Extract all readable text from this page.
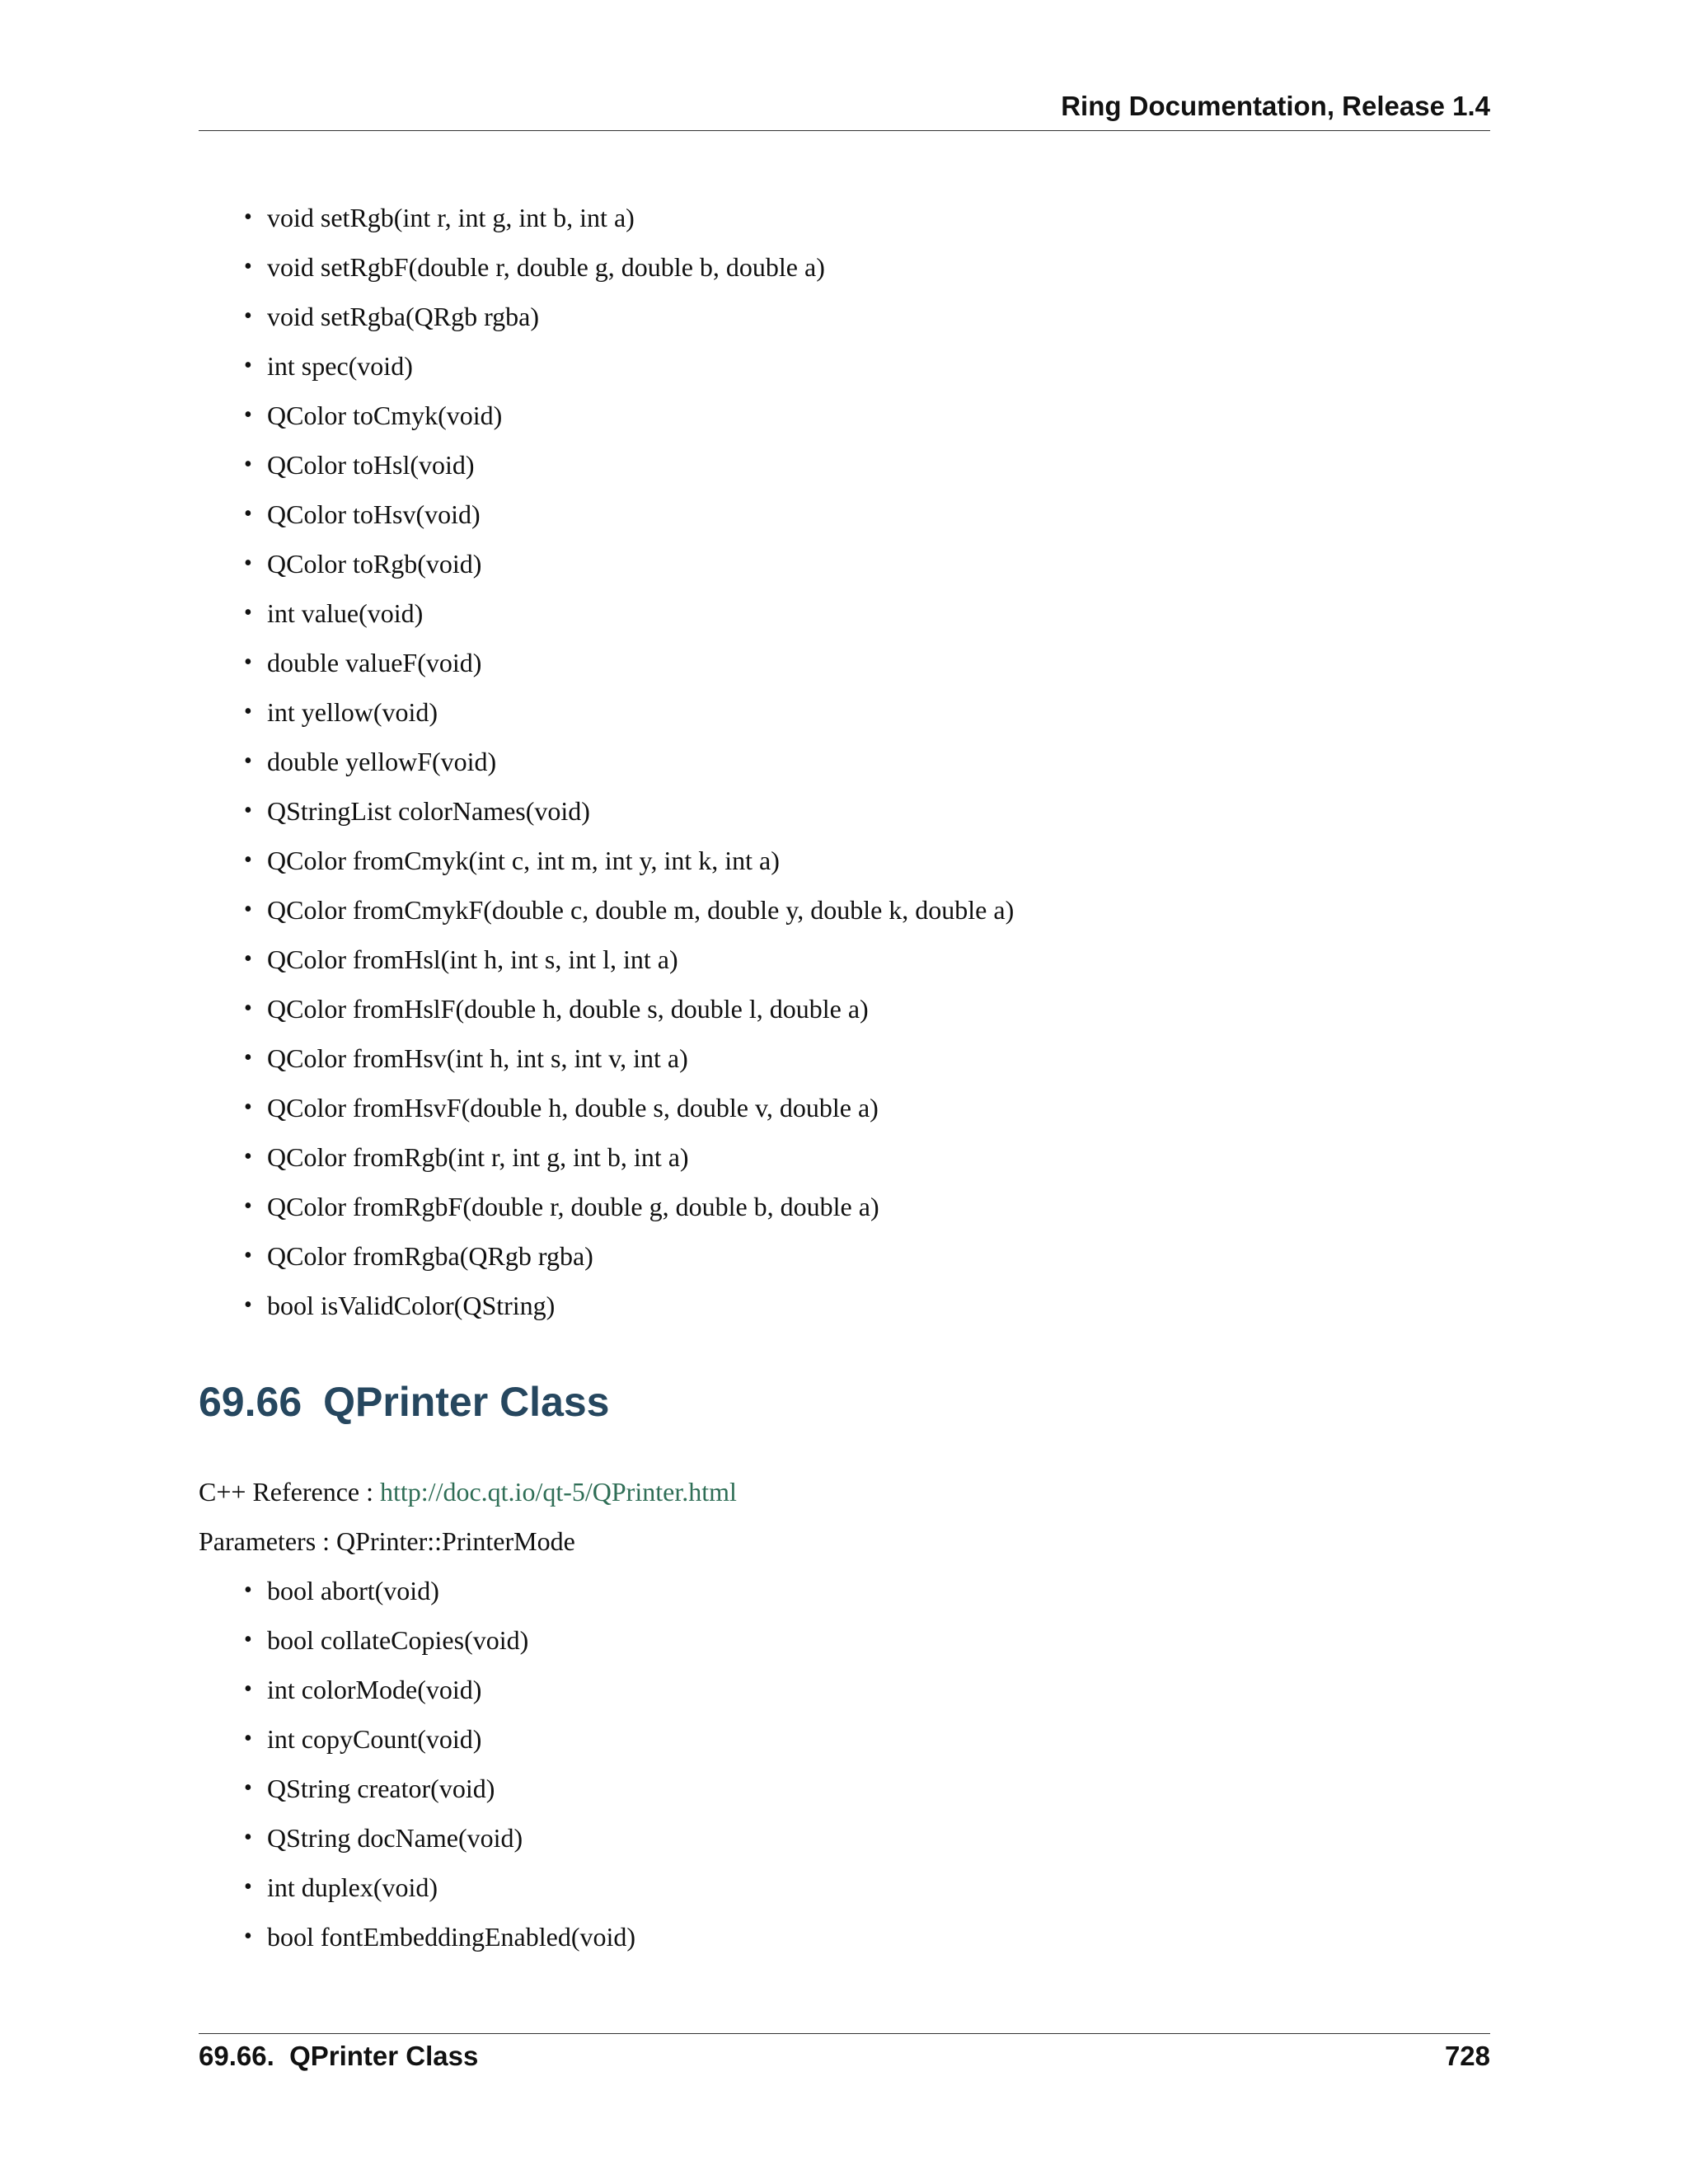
Ring Documentation, Release 1.4
• void setRgb(int r, int g, int b, int a)
• void setRgbF(double r, double g, double b, double a)
• void setRgba(QRgb rgba)
• int spec(void)
• QColor toCmyk(void)
• QColor toHsl(void)
• QColor toHsv(void)
• QColor toRgb(void)
• int value(void)
• double valueF(void)
• int yellow(void)
• double yellowF(void)
• QStringList colorNames(void)
• QColor fromCmyk(int c, int m, int y, int k, int a)
• QColor fromCmykF(double c, double m, double y, double k, double a)
• QColor fromHsl(int h, int s, int l, int a)
• QColor fromHslF(double h, double s, double l, double a)
• QColor fromHsv(int h, int s, int v, int a)
• QColor fromHsvF(double h, double s, double v, double a)
• QColor fromRgb(int r, int g, int b, int a)
• QColor fromRgbF(double r, double g, double b, double a)
• QColor fromRgba(QRgb rgba)
• bool isValidColor(QString)
69.66 QPrinter Class
C++ Reference : http://doc.qt.io/qt-5/QPrinter.html
Parameters : QPrinter::PrinterMode
• bool abort(void)
• bool collateCopies(void)
• int colorMode(void)
• int copyCount(void)
• QString creator(void)
• QString docName(void)
• int duplex(void)
• bool fontEmbeddingEnabled(void)
69.66.  QPrinter Class	728
